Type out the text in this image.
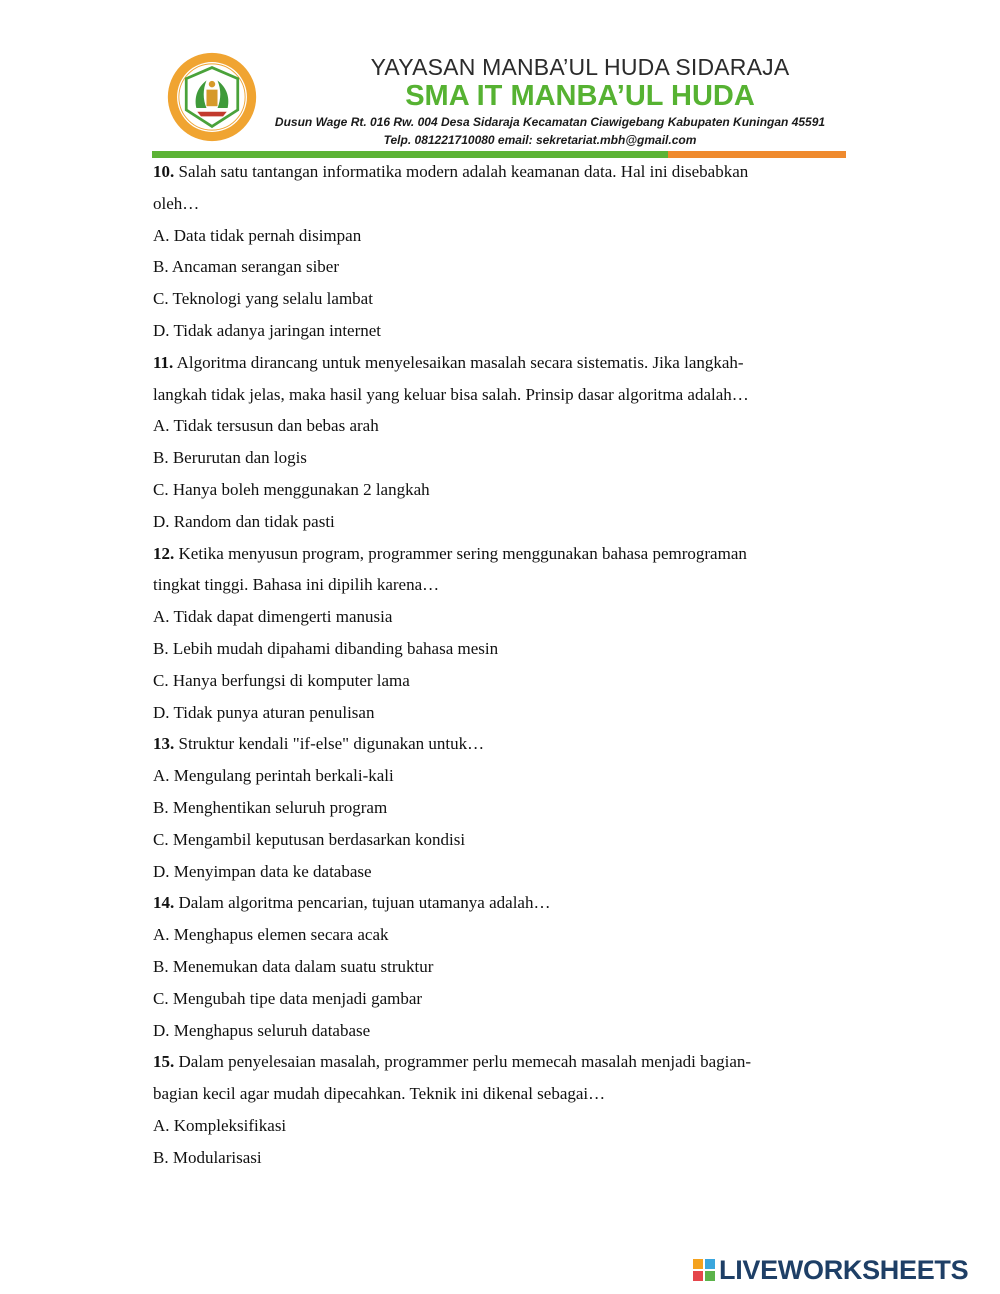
YAYASAN MANBA’UL HUDA SIDARAJA
SMA IT MANBA’UL HUDA
Dusun Wage Rt. 016 Rw. 004 Desa Sidaraja Kecamatan Ciawigebang Kabupaten Kuningan 45591
Telp. 081221710080 email: sekretariat.mbh@gmail.com
10. Salah satu tantangan informatika modern adalah keamanan data. Hal ini disebabkan
oleh…
A. Data tidak pernah disimpan
B. Ancaman serangan siber
C. Teknologi yang selalu lambat
D. Tidak adanya jaringan internet
11. Algoritma dirancang untuk menyelesaikan masalah secara sistematis. Jika langkah-
langkah tidak jelas, maka hasil yang keluar bisa salah. Prinsip dasar algoritma adalah…
A. Tidak tersusun dan bebas arah
B. Berurutan dan logis
C. Hanya boleh menggunakan 2 langkah
D. Random dan tidak pasti
12. Ketika menyusun program, programmer sering menggunakan bahasa pemrograman
tingkat tinggi. Bahasa ini dipilih karena…
A. Tidak dapat dimengerti manusia
B. Lebih mudah dipahami dibanding bahasa mesin
C. Hanya berfungsi di komputer lama
D. Tidak punya aturan penulisan
13. Struktur kendali "if-else" digunakan untuk…
A. Mengulang perintah berkali-kali
B. Menghentikan seluruh program
C. Mengambil keputusan berdasarkan kondisi
D. Menyimpan data ke database
14. Dalam algoritma pencarian, tujuan utamanya adalah…
A. Menghapus elemen secara acak
B. Menemukan data dalam suatu struktur
C. Mengubah tipe data menjadi gambar
D. Menghapus seluruh database
15. Dalam penyelesaian masalah, programmer perlu memecah masalah menjadi bagian-
bagian kecil agar mudah dipecahkan. Teknik ini dikenal sebagai…
A. Kompleksifikasi
B. Modularisasi
LIVEWORKSHEETS
